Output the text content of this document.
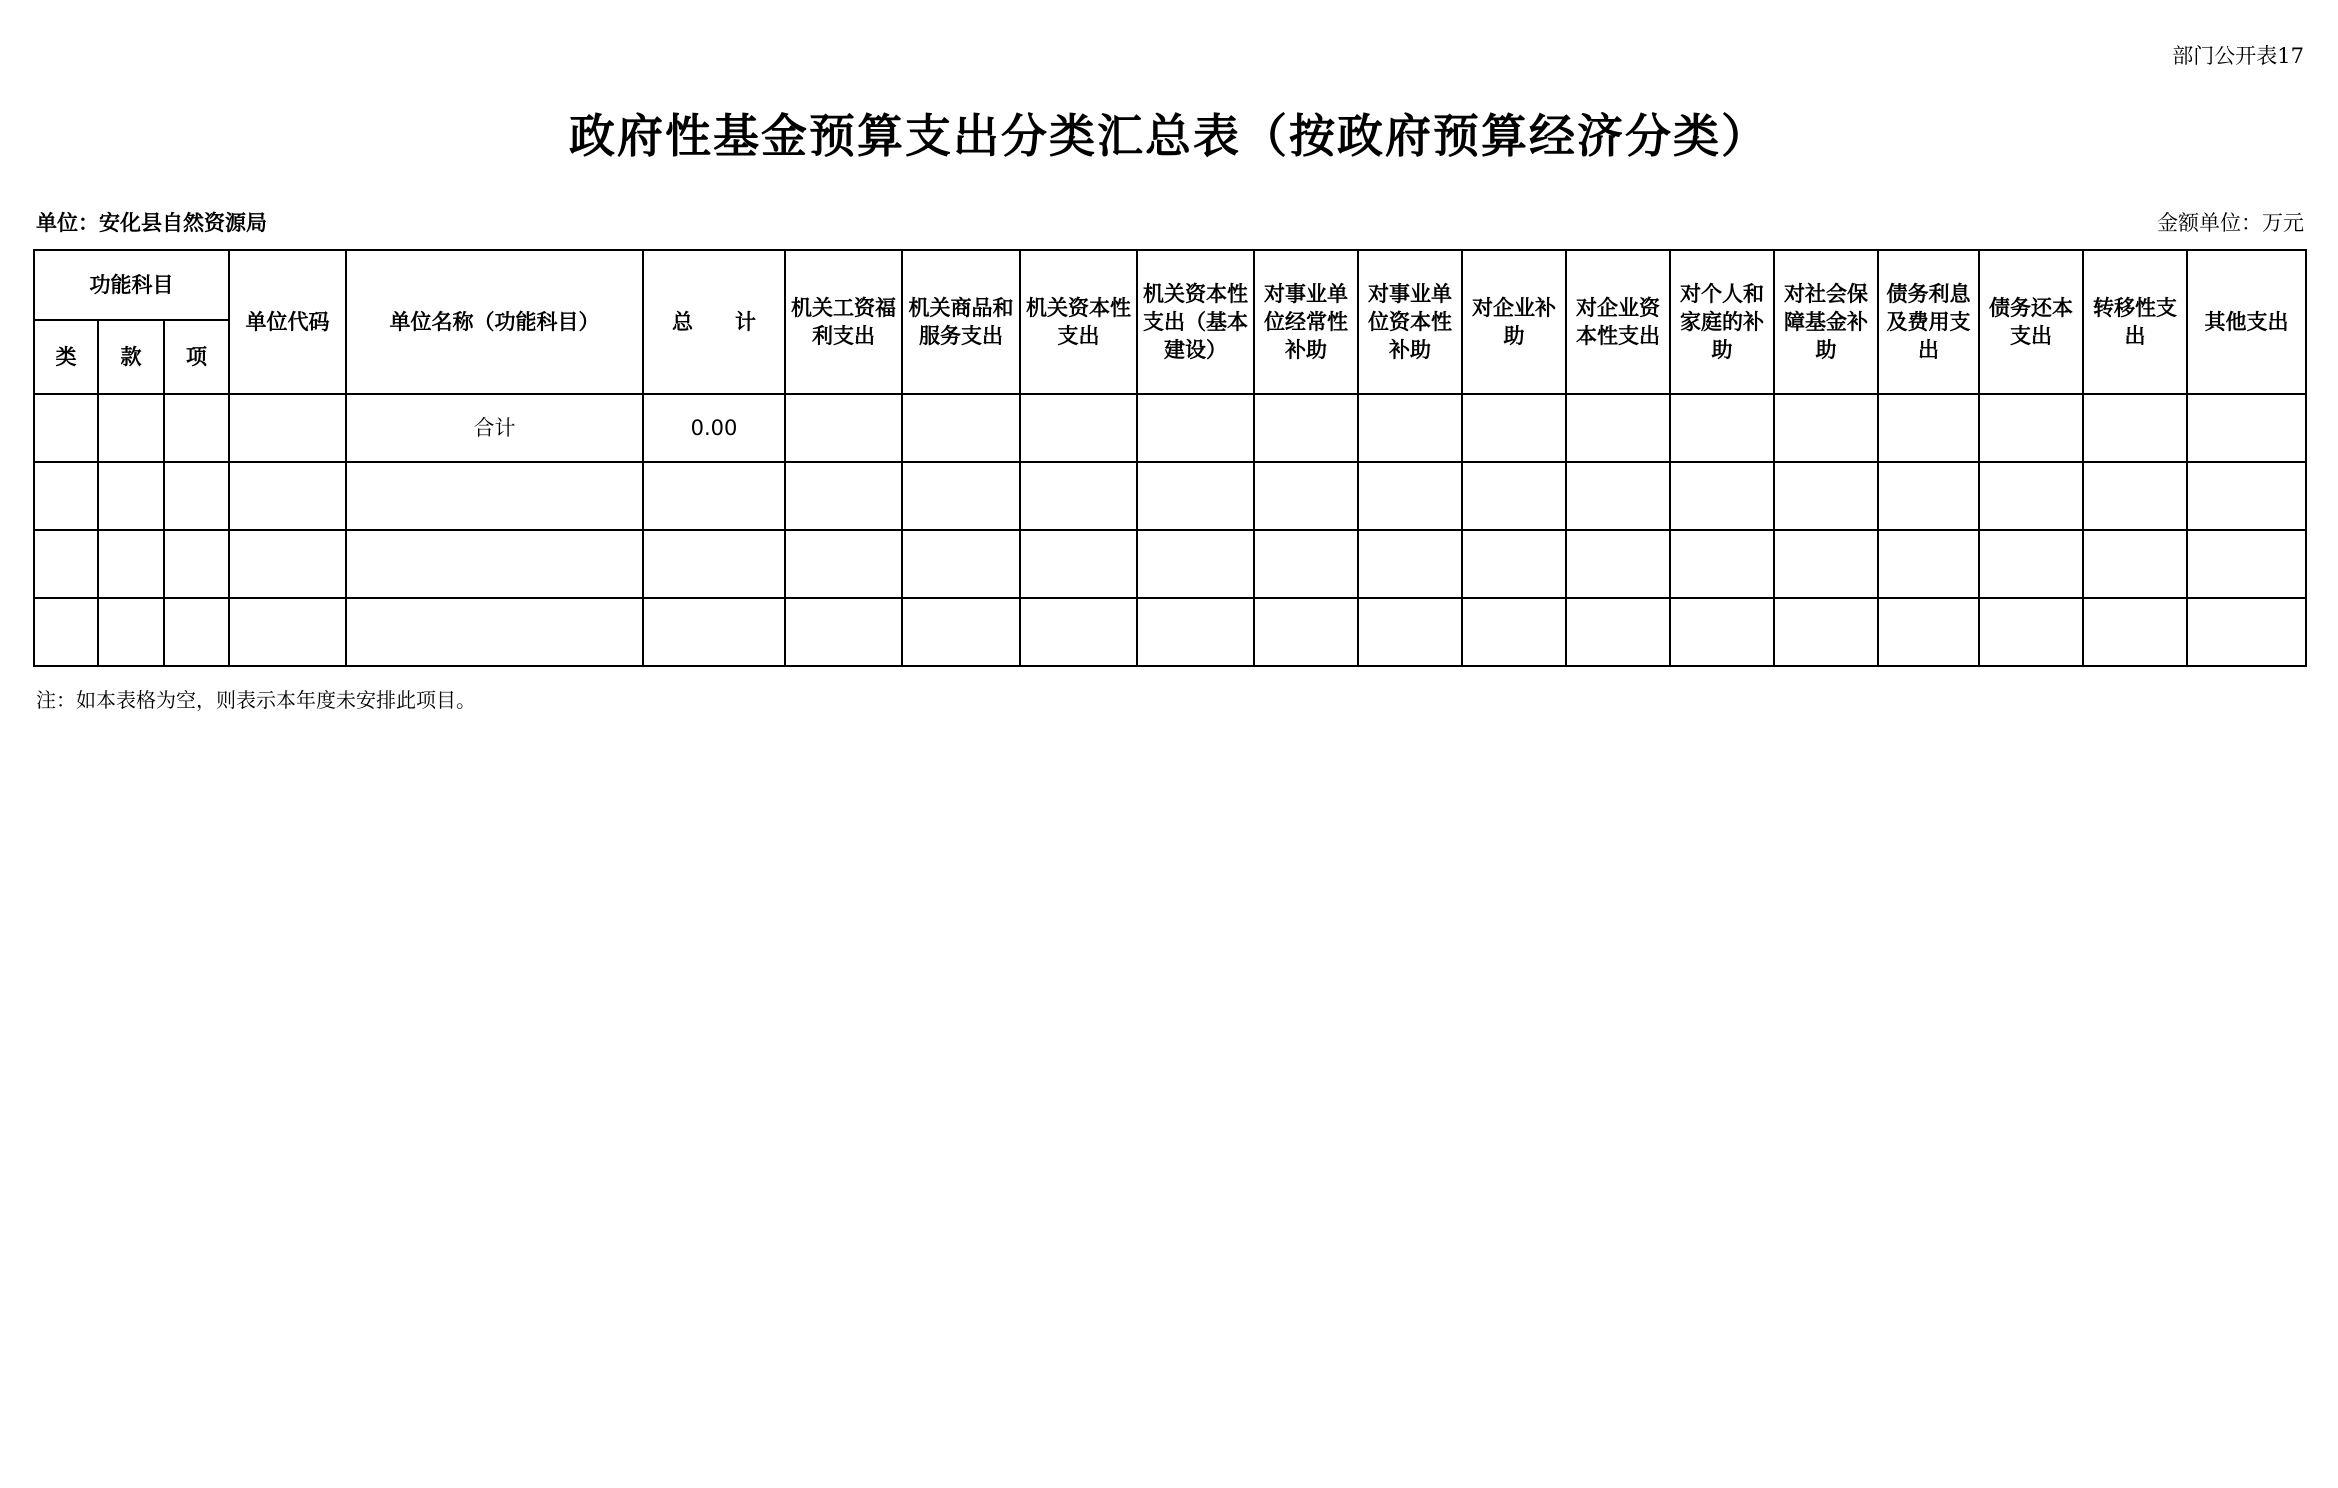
部门公开表17
政府性基金预算支出分类汇总表（按政府预算经济分类）
单位：安化县自然资源局	金额单位：万元
功能科目			单位代码	单位名称（功能科目）	总　　计	机关工资福利支出	机关商品和服务支出	机关资本性支出	机关资本性支出（基本建设）	对事业单位经常性补助	对事业单位资本性补助	对企业补助	对企业资本性支出	对个人和家庭的补助	对社会保障基金补助	债务利息及费用支出	债务还本支出	转移性支出	其他支出
类	款	项																	
				合计	0.00														

注：如本表格为空，则表示本年度未安排此项目。
